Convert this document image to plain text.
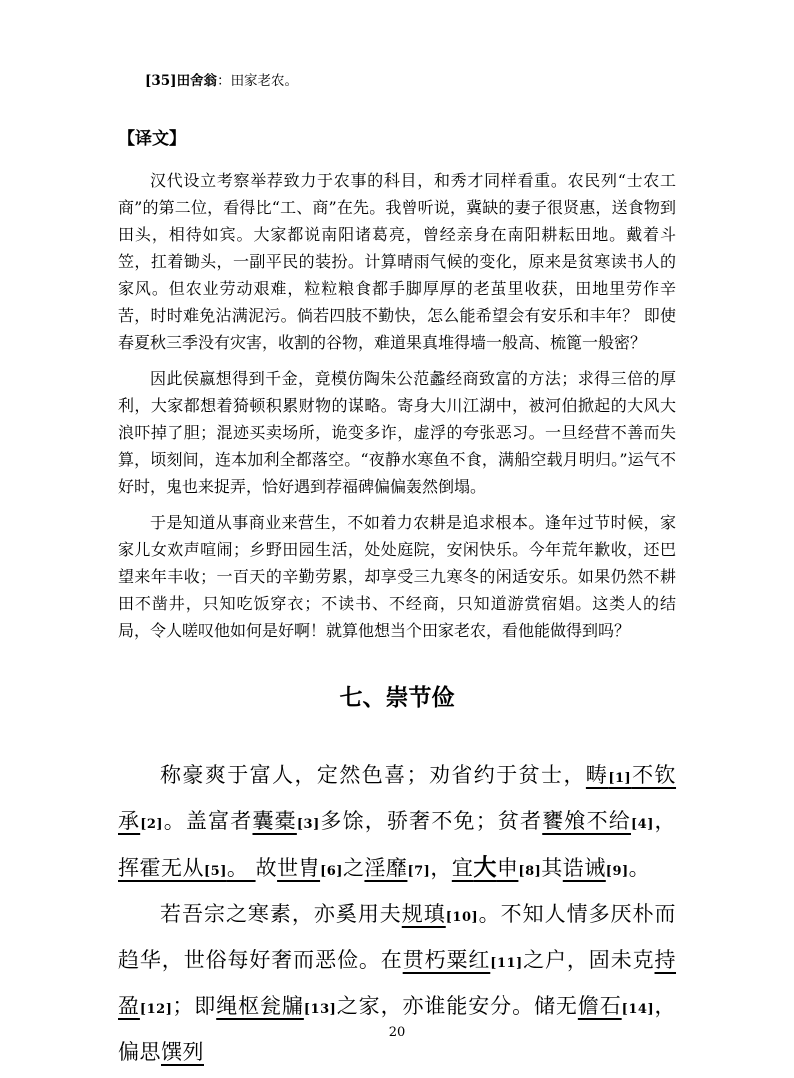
[35]田舍翁：田家老农。

【译文】

汉代设立考察举荐致力于农事的科目，和秀才同样看重。农民列“士农工商”的第二位，看得比“工、商”在先。我曾听说，冀缺的妻子很贤惠，送食物到田头，相待如宾。大家都说南阳诸葛亮，曾经亲身在南阳耕耘田地。戴着斗笠，扛着锄头，一副平民的装扮。计算晴雨气候的变化，原来是贫寒读书人的家风。但农业劳动艰难，粒粒粮食都手脚厚厚的老茧里收获，田地里劳作辛苦，时时难免沾满泥污。倘若四肢不勤快，怎么能希望会有安乐和丰年？ 即使春夏秋三季没有灾害，收割的谷物，难道果真堆得墙一般高、梳篦一般密？

因此侯嬴想得到千金，竟模仿陶朱公范蠡经商致富的方法；求得三倍的厚利，大家都想着猗顿积累财物的谋略。寄身大川江湖中，被河伯掀起的大风大浪吓掉了胆；混迹买卖场所，诡变多诈，虚浮的夸张恶习。一旦经营不善而失算，顷刻间，连本加利全都落空。“夜静水寒鱼不食，满船空载月明归。”运气不好时，鬼也来捉弄，恰好遇到荐福碑偏偏轰然倒塌。

于是知道从事商业来营生，不如着力农耕是追求根本。逢年过节时候，家家儿女欢声喧闹；乡野田园生活，处处庭院，安闲快乐。今年荒年歉收，还巴望来年丰收；一百天的辛勤劳累，却享受三九寒冬的闲适安乐。如果仍然不耕田不凿井，只知吃饭穿衣；不读书、不经商，只知道游赏宿娼。这类人的结局，令人嗟叹他如何是好啊！就算他想当个田家老农，看他能做得到吗？

七、崇节俭

称豪爽于富人，定然色喜；劝省约于贫士，畴[1]不钦承[2]。盖富者囊橐[3]多馀，骄奢不免；贫者饔飧不给[4]，挥霍无从[5]。 故世胄[6]之淫靡[7]，宜大申[8]其诰诫[9]。

若吾宗之寒素，亦奚用夫规瑱[10]。不知人情多厌朴而趋华，世俗每好奢而恶俭。在贯朽粟红[11]之户，固未克持盈[12]；即绳枢瓮牖[13]之家，亦谁能安分。储无儋石[14]，偏思馔列

20
